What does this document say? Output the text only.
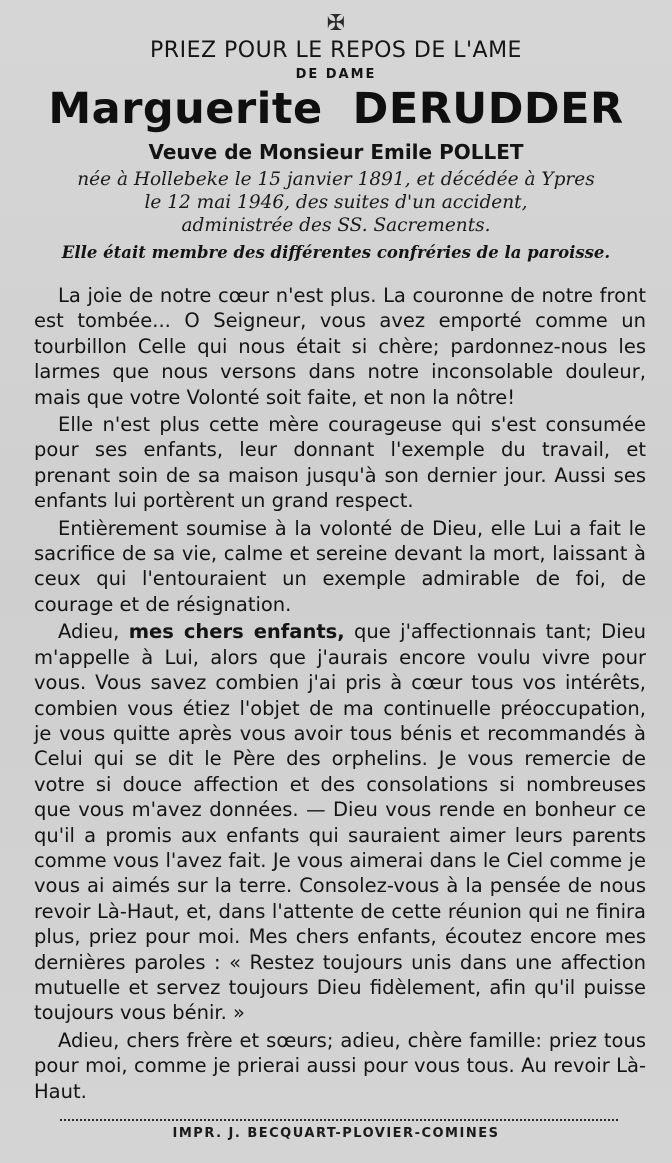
✠
PRIEZ POUR LE REPOS DE L'AME
DE DAME
Marguerite DERUDDER
Veuve de Monsieur Emile POLLET
née à Hollebeke le 15 janvier 1891, et décédée à Ypres
le 12 mai 1946, des suites d'un accident,
administrée des SS. Sacrements.
Elle était membre des différentes confréries de la paroisse.

La joie de notre cœur n'est plus. La couronne de notre front est tombée... O Seigneur, vous avez emporté comme un tourbillon Celle qui nous était si chère; pardonnez-nous les larmes que nous versons dans notre inconsolable douleur, mais que votre Volonté soit faite, et non la nôtre!

Elle n'est plus cette mère courageuse qui s'est consumée pour ses enfants, leur donnant l'exemple du travail, et prenant soin de sa maison jusqu'à son dernier jour. Aussi ses enfants lui portèrent un grand respect.

Entièrement soumise à la volonté de Dieu, elle Lui a fait le sacrifice de sa vie, calme et sereine devant la mort, laissant à ceux qui l'entouraient un exemple admirable de foi, de courage et de résignation.

Adieu, mes chers enfants, que j'affectionnais tant; Dieu m'appelle à Lui, alors que j'aurais encore voulu vivre pour vous. Vous savez combien j'ai pris à cœur tous vos intérêts, combien vous étiez l'objet de ma continuelle préoccupation, je vous quitte après vous avoir tous bénis et recommandés à Celui qui se dit le Père des orphelins. Je vous remercie de votre si douce affection et des consolations si nombreuses que vous m'avez données. — Dieu vous rende en bonheur ce qu'il a promis aux enfants qui sauraient aimer leurs parents comme vous l'avez fait. Je vous aimerai dans le Ciel comme je vous ai aimés sur la terre. Consolez-vous à la pensée de nous revoir Là-Haut, et, dans l'attente de cette réunion qui ne finira plus, priez pour moi. Mes chers enfants, écoutez encore mes dernières paroles : « Restez toujours unis dans une affection mutuelle et servez toujours Dieu fidèlement, afin qu'il puisse toujours vous bénir. »

Adieu, chers frère et sœurs; adieu, chère famille: priez tous pour moi, comme je prierai aussi pour vous tous. Au revoir Là-Haut.

IMPR. J. BECQUART-PLOVIER-COMINES
